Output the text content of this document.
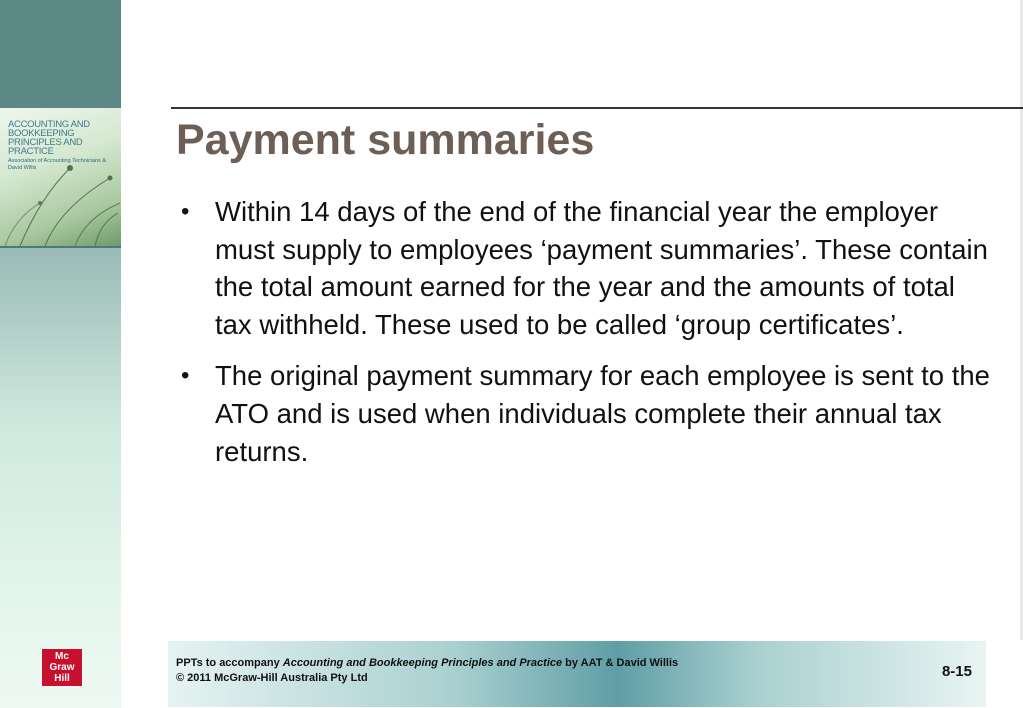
ACCOUNTING AND BOOKKEEPING PRINCIPLES AND PRACTICE
Association of Accounting Technicians & David Willis
Mc
Graw
Hill
Payment summaries
• Within 14 days of the end of the financial year the employer must supply to employees ‘payment summaries’. These contain the total amount earned for the year and the amounts of total tax withheld. These used to be called ‘group certificates’.
• The original payment summary for each employee is sent to the ATO and is used when individuals complete their annual tax returns.
PPTs to accompany Accounting and Bookkeeping Principles and Practice by AAT & David Willis
© 2011 McGraw-Hill Australia Pty Ltd	8-15
